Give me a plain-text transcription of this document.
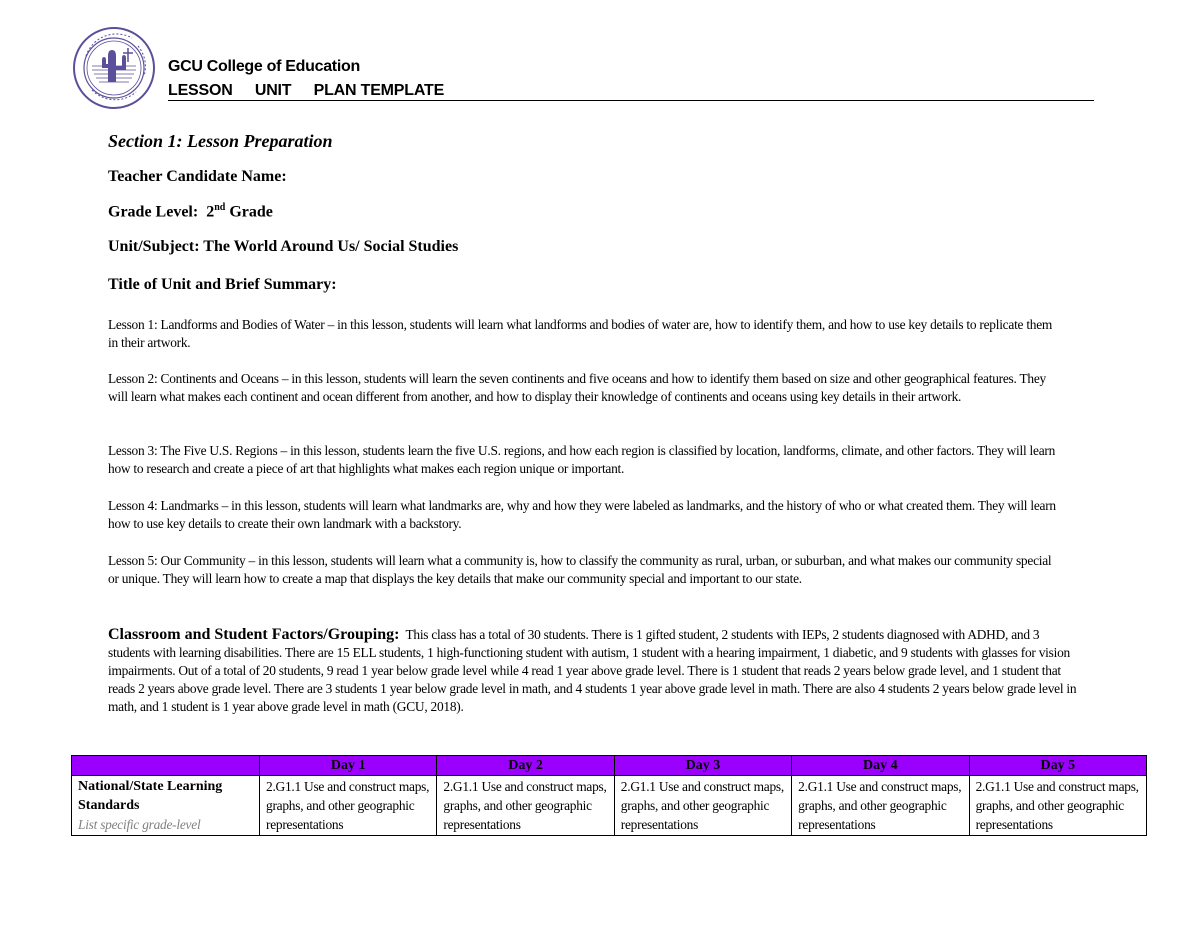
GCU College of Education
LESSON UNIT PLAN TEMPLATE
Section 1: Lesson Preparation
Teacher Candidate Name:
Grade Level: 2nd Grade
Unit/Subject: The World Around Us/ Social Studies
Title of Unit and Brief Summary:
Lesson 1: Landforms and Bodies of Water – in this lesson, students will learn what landforms and bodies of water are, how to identify them, and how to use key details to replicate them in their artwork.
Lesson 2: Continents and Oceans – in this lesson, students will learn the seven continents and five oceans and how to identify them based on size and other geographical features. They will learn what makes each continent and ocean different from another, and how to display their knowledge of continents and oceans using key details in their artwork.
Lesson 3: The Five U.S. Regions – in this lesson, students learn the five U.S. regions, and how each region is classified by location, landforms, climate, and other factors. They will learn how to research and create a piece of art that highlights what makes each region unique or important.
Lesson 4: Landmarks – in this lesson, students will learn what landmarks are, why and how they were labeled as landmarks, and the history of who or what created them. They will learn how to use key details to create their own landmark with a backstory.
Lesson 5: Our Community – in this lesson, students will learn what a community is, how to classify the community as rural, urban, or suburban, and what makes our community special or unique. They will learn how to create a map that displays the key details that make our community special and important to our state.
Classroom and Student Factors/Grouping: This class has a total of 30 students. There is 1 gifted student, 2 students with IEPs, 2 students diagnosed with ADHD, and 3 students with learning disabilities. There are 15 ELL students, 1 high-functioning student with autism, 1 student with a hearing impairment, 1 diabetic, and 9 students with glasses for vision impairments. Out of a total of 20 students, 9 read 1 year below grade level while 4 read 1 year above grade level. There is 1 student that reads 2 years below grade level, and 1 student that reads 2 years above grade level. There are 3 students 1 year below grade level in math, and 4 students 1 year above grade level in math. There are also 4 students 2 years below grade level in math, and 1 student is 1 year above grade level in math (GCU, 2018).
	Day 1	Day 2	Day 3	Day 4	Day 5

National/State Learning Standards
List specific grade-level	2.G1.1 Use and construct maps, graphs, and other geographic representations	2.G1.1 Use and construct maps, graphs, and other geographic representations	2.G1.1 Use and construct maps, graphs, and other geographic representations	2.G1.1 Use and construct maps, graphs, and other geographic representations	2.G1.1 Use and construct maps, graphs, and other geographic representations
